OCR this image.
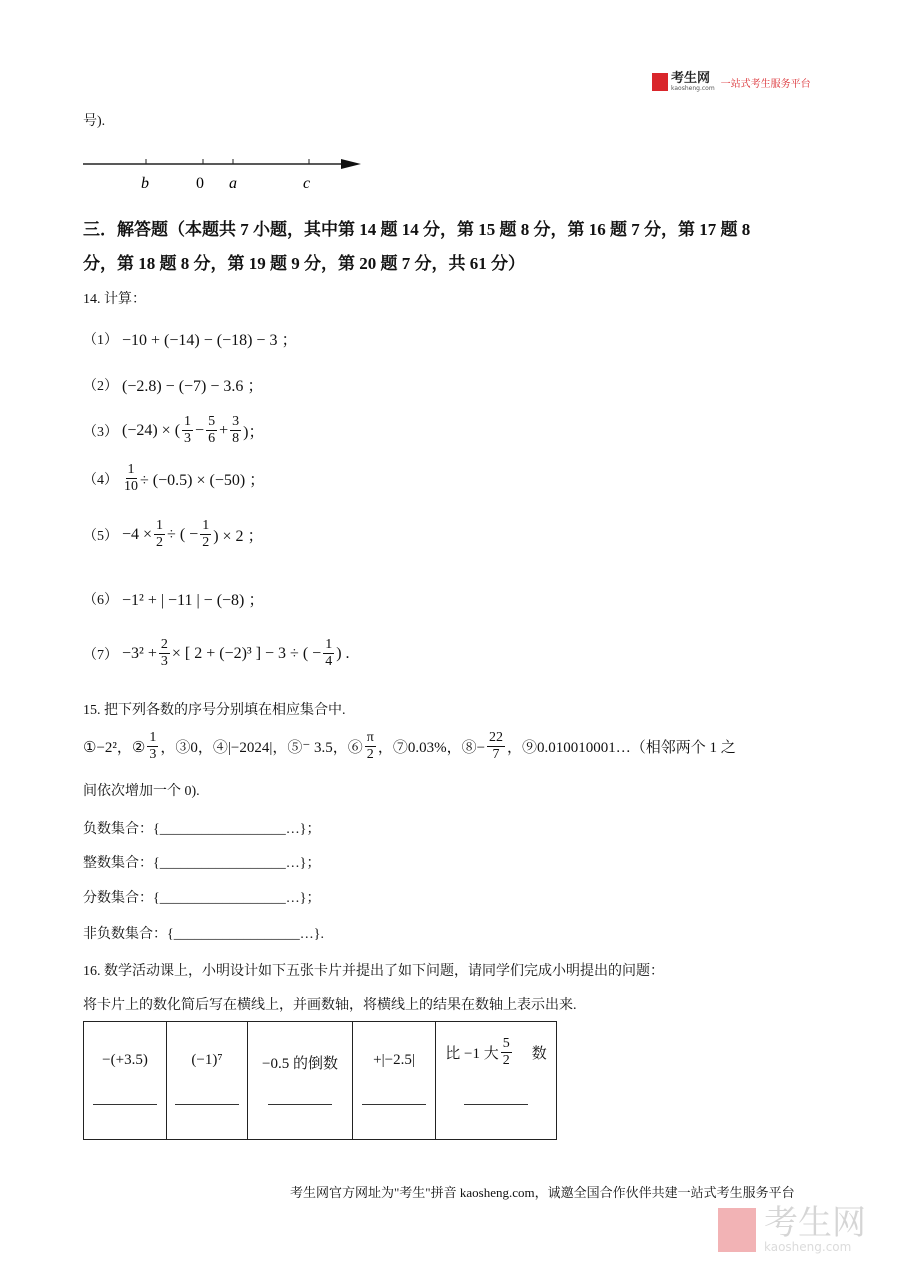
考生网
kaosheng.com 一站式考生服务平台
号).
b	0 a	c
三．解答题（本题共 7 小题，其中第 14 题 14 分，第 15 题 8 分，第 16 题 7 分，第 17 题 8
分，第 18 题 8 分，第 19 题 9 分，第 20 题 7 分，共 61 分）
14. 计算：
（1） −10 + (−14) − (−18) − 3 ；
（2） (−2.8) − (−7) − 3.6 ；
（3） (−24) × ( 1
$3 - \frac{5}{6} + \frac{3}{8}$ )；
$(4) \frac{1}{10} \div (-0.5) \times (-50)$ ；
$(5) -4 \times \frac{1}{2}$ ÷ ( − $\frac{1}{2}$ ) × 2 ；
（6） −1² + | −11 | − (−8) ；
$(7) -3^2 + \frac{2}{3}$ × [ 2 + (−2)³ ] − 3 ÷ ( − $\frac{1}{4}$ ) .
15. 把下列各数的序号分别填在相应集合中.
①−2²，②
1
3 ，③0，④|−2024|，⑤⁻ 3.5，⑥
π
2 ，⑦0.03%，⑧− $\frac{22}{7}$ ，⑨0.010010001…（相邻两个 1 之
间依次增加一个 0).
负数集合：{__________________…}；
整数集合：{__________________…}；
分数集合：{__________________…}；
非负数集合：{__________________…}.
16. 数学活动课上，小明设计如下五张卡片并提出了如下问题，请同学们完成小明提出的问题：
将卡片上的数化简后写在横线上，并画数轴，将横线上的结果在数轴上表示出来.
−(+3.5)	(−1)⁷	−0.5 的倒数	+|−2.5|	比 −1 大
5
2 数
考生网官方网址为"考生"拼音 kaosheng.com，诚邀全国合作伙伴共建一站式考生服务平台
考生网
kaosheng.com
